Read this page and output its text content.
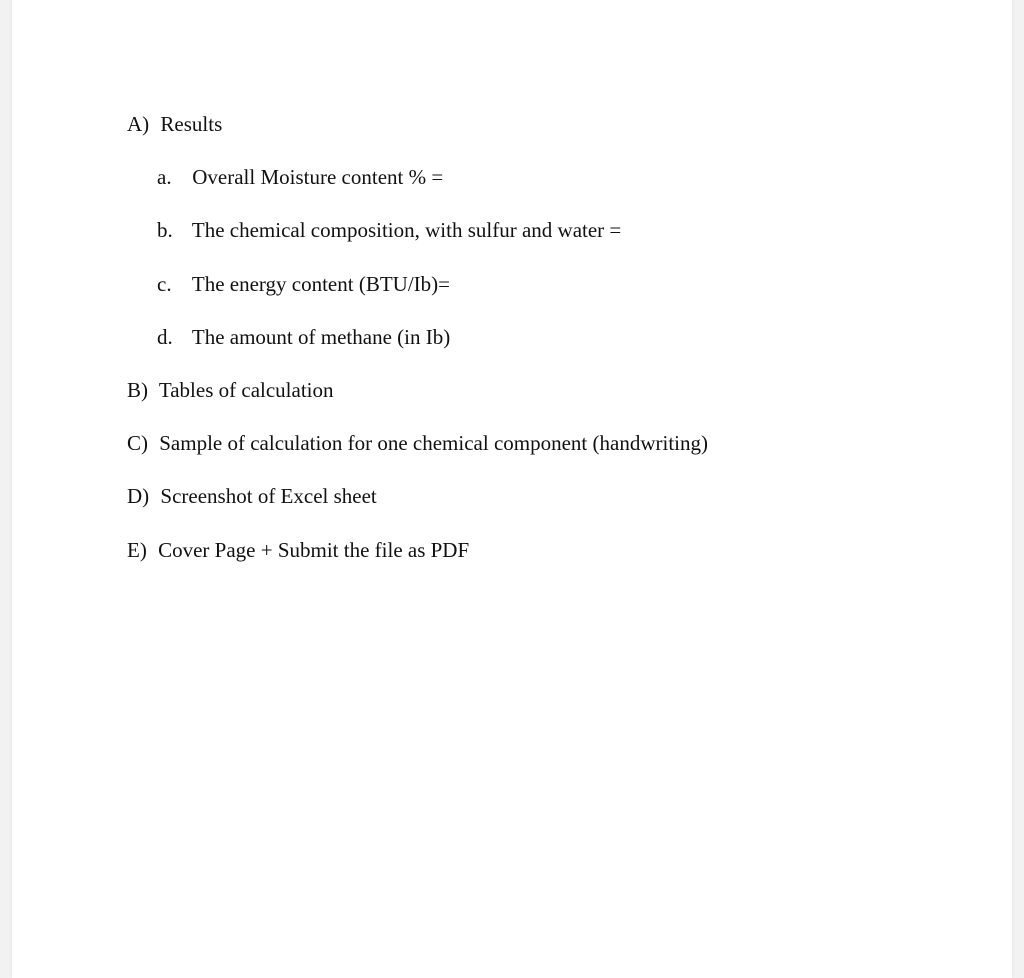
A) Results
a. Overall Moisture content % =
b. The chemical composition, with sulfur and water =
c. The energy content (BTU/Ib)=
d. The amount of methane (in Ib)
B) Tables of calculation
C) Sample of calculation for one chemical component (handwriting)
D) Screenshot of Excel sheet
E) Cover Page + Submit the file as PDF
